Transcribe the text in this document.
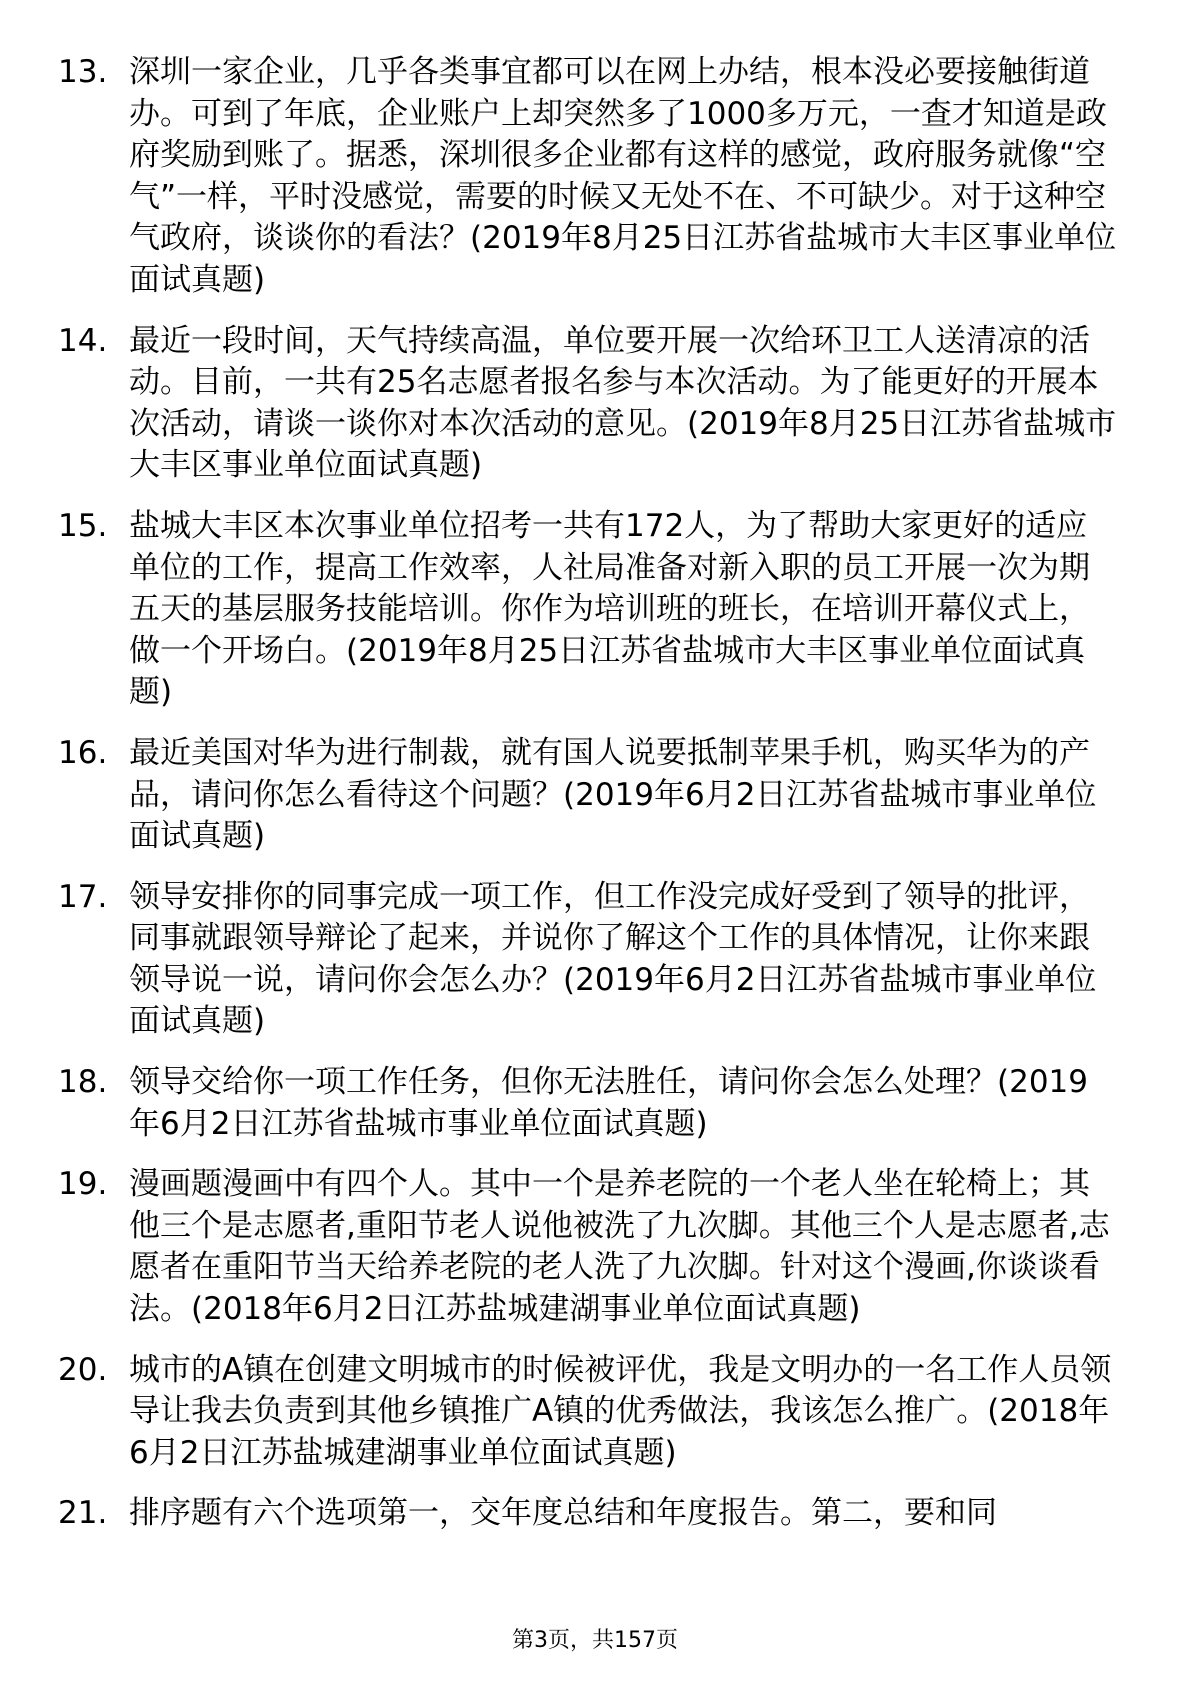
13. 深圳一家企业，几乎各类事宜都可以在网上办结，根本没必要接触街道办。可到了年底，企业账户上却突然多了1000多万元，一查才知道是政府奖励到账了。据悉，深圳很多企业都有这样的感觉，政府服务就像“空气”一样，平时没感觉，需要的时候又无处不在、不可缺少。对于这种空气政府，谈谈你的看法？(2019年8月25日江苏省盐城市大丰区事业单位面试真题)
14. 最近一段时间，天气持续高温，单位要开展一次给环卫工人送清凉的活动。目前，一共有25名志愿者报名参与本次活动。为了能更好的开展本次活动，请谈一谈你对本次活动的意见。(2019年8月25日江苏省盐城市大丰区事业单位面试真题)
15. 盐城大丰区本次事业单位招考一共有172人，为了帮助大家更好的适应单位的工作，提高工作效率，人社局准备对新入职的员工开展一次为期五天的基层服务技能培训。你作为培训班的班长，在培训开幕仪式上，做一个开场白。(2019年8月25日江苏省盐城市大丰区事业单位面试真题)
16. 最近美国对华为进行制裁，就有国人说要抵制苹果手机，购买华为的产品，请问你怎么看待这个问题？(2019年6月2日江苏省盐城市事业单位面试真题)
17. 领导安排你的同事完成一项工作，但工作没完成好受到了领导的批评，同事就跟领导辩论了起来，并说你了解这个工作的具体情况，让你来跟领导说一说，请问你会怎么办？(2019年6月2日江苏省盐城市事业单位面试真题)
18. 领导交给你一项工作任务，但你无法胜任，请问你会怎么处理？(2019年6月2日江苏省盐城市事业单位面试真题)
19. 漫画题漫画中有四个人。其中一个是养老院的一个老人坐在轮椅上；其他三个是志愿者,重阳节老人说他被洗了九次脚。其他三个人是志愿者,志愿者在重阳节当天给养老院的老人洗了九次脚。针对这个漫画,你谈谈看法。(2018年6月2日江苏盐城建湖事业单位面试真题)
20. 城市的A镇在创建文明城市的时候被评优，我是文明办的一名工作人员领导让我去负责到其他乡镇推广A镇的优秀做法，我该怎么推广。(2018年6月2日江苏盐城建湖事业单位面试真题)
21. 排序题有六个选项第一，交年度总结和年度报告。第二，要和同
第3页，共157页
